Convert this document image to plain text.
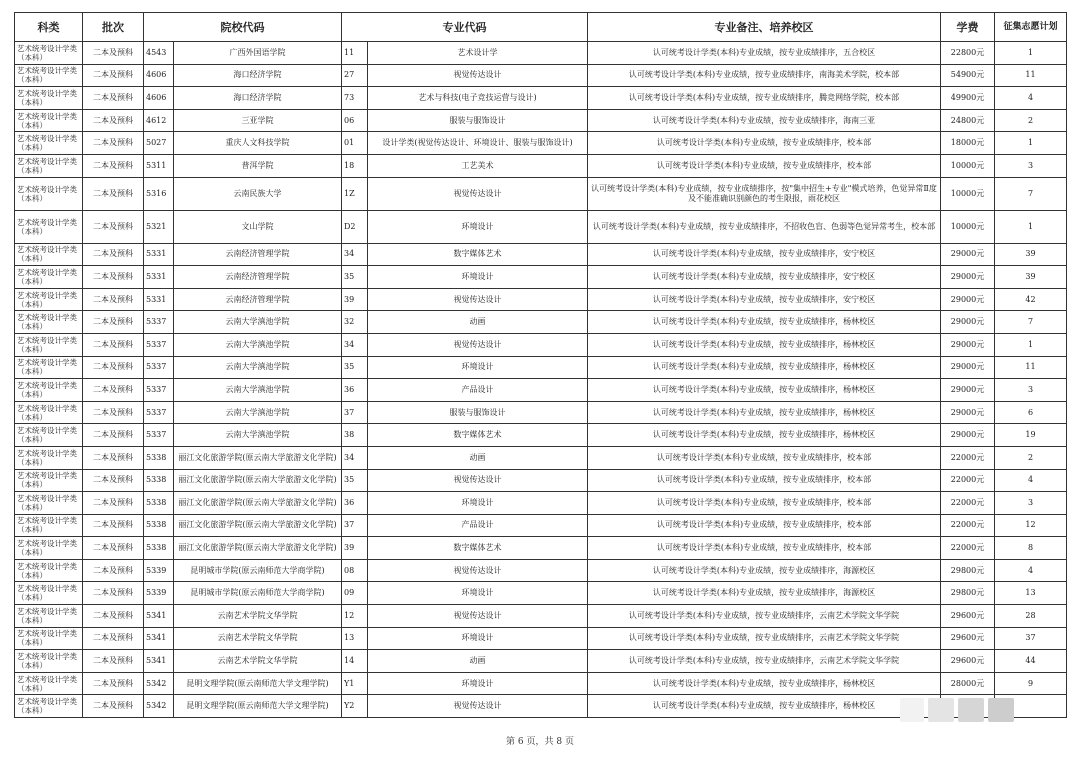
科类	批次	院校代码		专业代码		专业备注、培养校区	学费	征集志愿计划
艺术统考设计学类（本科）	二本及预科	4543	广西外国语学院	11	艺术设计学	认可统考设计学类(本科)专业成绩，按专业成绩排序，五合校区	22800元	1
艺术统考设计学类（本科）	二本及预科	4606	海口经济学院	27	视觉传达设计	认可统考设计学类(本科)专业成绩，按专业成绩排序，南海美术学院，校本部	54900元	11
艺术统考设计学类（本科）	二本及预科	4606	海口经济学院	73	艺术与科技(电子竞技运营与设计)	认可统考设计学类(本科)专业成绩，按专业成绩排序，腾竞网络学院，校本部	49900元	4
艺术统考设计学类（本科）	二本及预科	4612	三亚学院	06	服装与服饰设计	认可统考设计学类(本科)专业成绩，按专业成绩排序，海南三亚	24800元	2
艺术统考设计学类（本科）	二本及预科	5027	重庆人文科技学院	01	设计学类(视觉传达设计、环境设计、服装与服饰设计)	认可统考设计学类(本科)专业成绩，按专业成绩排序，校本部	18000元	1
艺术统考设计学类（本科）	二本及预科	5311	普洱学院	18	工艺美术	认可统考设计学类(本科)专业成绩，按专业成绩排序，校本部	10000元	3
艺术统考设计学类（本科）	二本及预科	5316	云南民族大学	1Z	视觉传达设计	认可统考设计学类(本科)专业成绩，按专业成绩排序，按"集中招生+专业"模式培养，色觉异常Ⅱ度及不能准确识别颜色的考生限报，雨花校区	10000元	7
艺术统考设计学类（本科）	二本及预科	5321	文山学院	D2	环境设计	认可统考设计学类(本科)专业成绩，按专业成绩排序，不招收色盲、色弱等色觉异常考生，校本部	10000元	1
艺术统考设计学类（本科）	二本及预科	5331	云南经济管理学院	34	数字媒体艺术	认可统考设计学类(本科)专业成绩，按专业成绩排序，安宁校区	29000元	39
艺术统考设计学类（本科）	二本及预科	5331	云南经济管理学院	35	环境设计	认可统考设计学类(本科)专业成绩，按专业成绩排序，安宁校区	29000元	39
艺术统考设计学类（本科）	二本及预科	5331	云南经济管理学院	39	视觉传达设计	认可统考设计学类(本科)专业成绩，按专业成绩排序，安宁校区	29000元	42
艺术统考设计学类（本科）	二本及预科	5337	云南大学滇池学院	32	动画	认可统考设计学类(本科)专业成绩，按专业成绩排序，杨林校区	29000元	7
艺术统考设计学类（本科）	二本及预科	5337	云南大学滇池学院	34	视觉传达设计	认可统考设计学类(本科)专业成绩，按专业成绩排序，杨林校区	29000元	1
艺术统考设计学类（本科）	二本及预科	5337	云南大学滇池学院	35	环境设计	认可统考设计学类(本科)专业成绩，按专业成绩排序，杨林校区	29000元	11
艺术统考设计学类（本科）	二本及预科	5337	云南大学滇池学院	36	产品设计	认可统考设计学类(本科)专业成绩，按专业成绩排序，杨林校区	29000元	3
艺术统考设计学类（本科）	二本及预科	5337	云南大学滇池学院	37	服装与服饰设计	认可统考设计学类(本科)专业成绩，按专业成绩排序，杨林校区	29000元	6
艺术统考设计学类（本科）	二本及预科	5337	云南大学滇池学院	38	数字媒体艺术	认可统考设计学类(本科)专业成绩，按专业成绩排序，杨林校区	29000元	19
艺术统考设计学类（本科）	二本及预科	5338	丽江文化旅游学院(原云南大学旅游文化学院)	34	动画	认可统考设计学类(本科)专业成绩，按专业成绩排序，校本部	22000元	2
艺术统考设计学类（本科）	二本及预科	5338	丽江文化旅游学院(原云南大学旅游文化学院)	35	视觉传达设计	认可统考设计学类(本科)专业成绩，按专业成绩排序，校本部	22000元	4
艺术统考设计学类（本科）	二本及预科	5338	丽江文化旅游学院(原云南大学旅游文化学院)	36	环境设计	认可统考设计学类(本科)专业成绩，按专业成绩排序，校本部	22000元	3
艺术统考设计学类（本科）	二本及预科	5338	丽江文化旅游学院(原云南大学旅游文化学院)	37	产品设计	认可统考设计学类(本科)专业成绩，按专业成绩排序，校本部	22000元	12
艺术统考设计学类（本科）	二本及预科	5338	丽江文化旅游学院(原云南大学旅游文化学院)	39	数字媒体艺术	认可统考设计学类(本科)专业成绩，按专业成绩排序，校本部	22000元	8
艺术统考设计学类（本科）	二本及预科	5339	昆明城市学院(原云南师范大学商学院)	08	视觉传达设计	认可统考设计学类(本科)专业成绩，按专业成绩排序，海源校区	29800元	4
艺术统考设计学类（本科）	二本及预科	5339	昆明城市学院(原云南师范大学商学院)	09	环境设计	认可统考设计学类(本科)专业成绩，按专业成绩排序，海源校区	29800元	13
艺术统考设计学类（本科）	二本及预科	5341	云南艺术学院文华学院	12	视觉传达设计	认可统考设计学类(本科)专业成绩，按专业成绩排序，云南艺术学院文华学院	29600元	28
艺术统考设计学类（本科）	二本及预科	5341	云南艺术学院文华学院	13	环境设计	认可统考设计学类(本科)专业成绩，按专业成绩排序，云南艺术学院文华学院	29600元	37
艺术统考设计学类（本科）	二本及预科	5341	云南艺术学院文华学院	14	动画	认可统考设计学类(本科)专业成绩，按专业成绩排序，云南艺术学院文华学院	29600元	44
艺术统考设计学类（本科）	二本及预科	5342	昆明文理学院(原云南师范大学文理学院)	Y1	环境设计	认可统考设计学类(本科)专业成绩，按专业成绩排序，杨林校区	28000元	9
艺术统考设计学类（本科）	二本及预科	5342	昆明文理学院(原云南师范大学文理学院)	Y2	视觉传达设计	认可统考设计学类(本科)专业成绩，按专业成绩排序，杨林校区		
第 6 页，共 8 页
